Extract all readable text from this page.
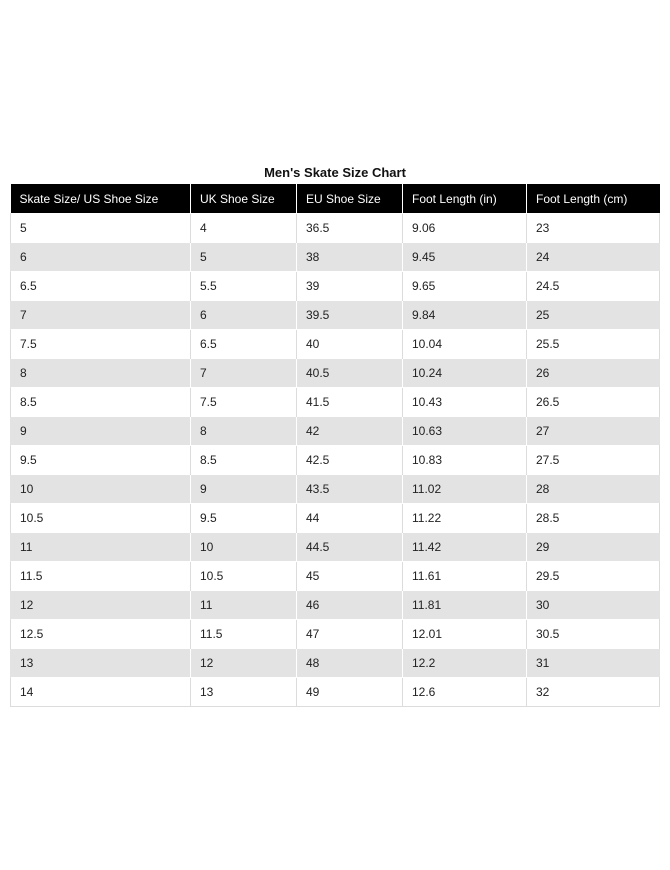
Men's Skate Size Chart
Skate Size/ US Shoe Size	UK Shoe Size	EU Shoe Size	Foot Length (in)	Foot Length (cm)
5	4	36.5	9.06	23
6	5	38	9.45	24
6.5	5.5	39	9.65	24.5
7	6	39.5	9.84	25
7.5	6.5	40	10.04	25.5
8	7	40.5	10.24	26
8.5	7.5	41.5	10.43	26.5
9	8	42	10.63	27
9.5	8.5	42.5	10.83	27.5
10	9	43.5	11.02	28
10.5	9.5	44	11.22	28.5
11	10	44.5	11.42	29
11.5	10.5	45	11.61	29.5
12	11	46	11.81	30
12.5	11.5	47	12.01	30.5
13	12	48	12.2	31
14	13	49	12.6	32
